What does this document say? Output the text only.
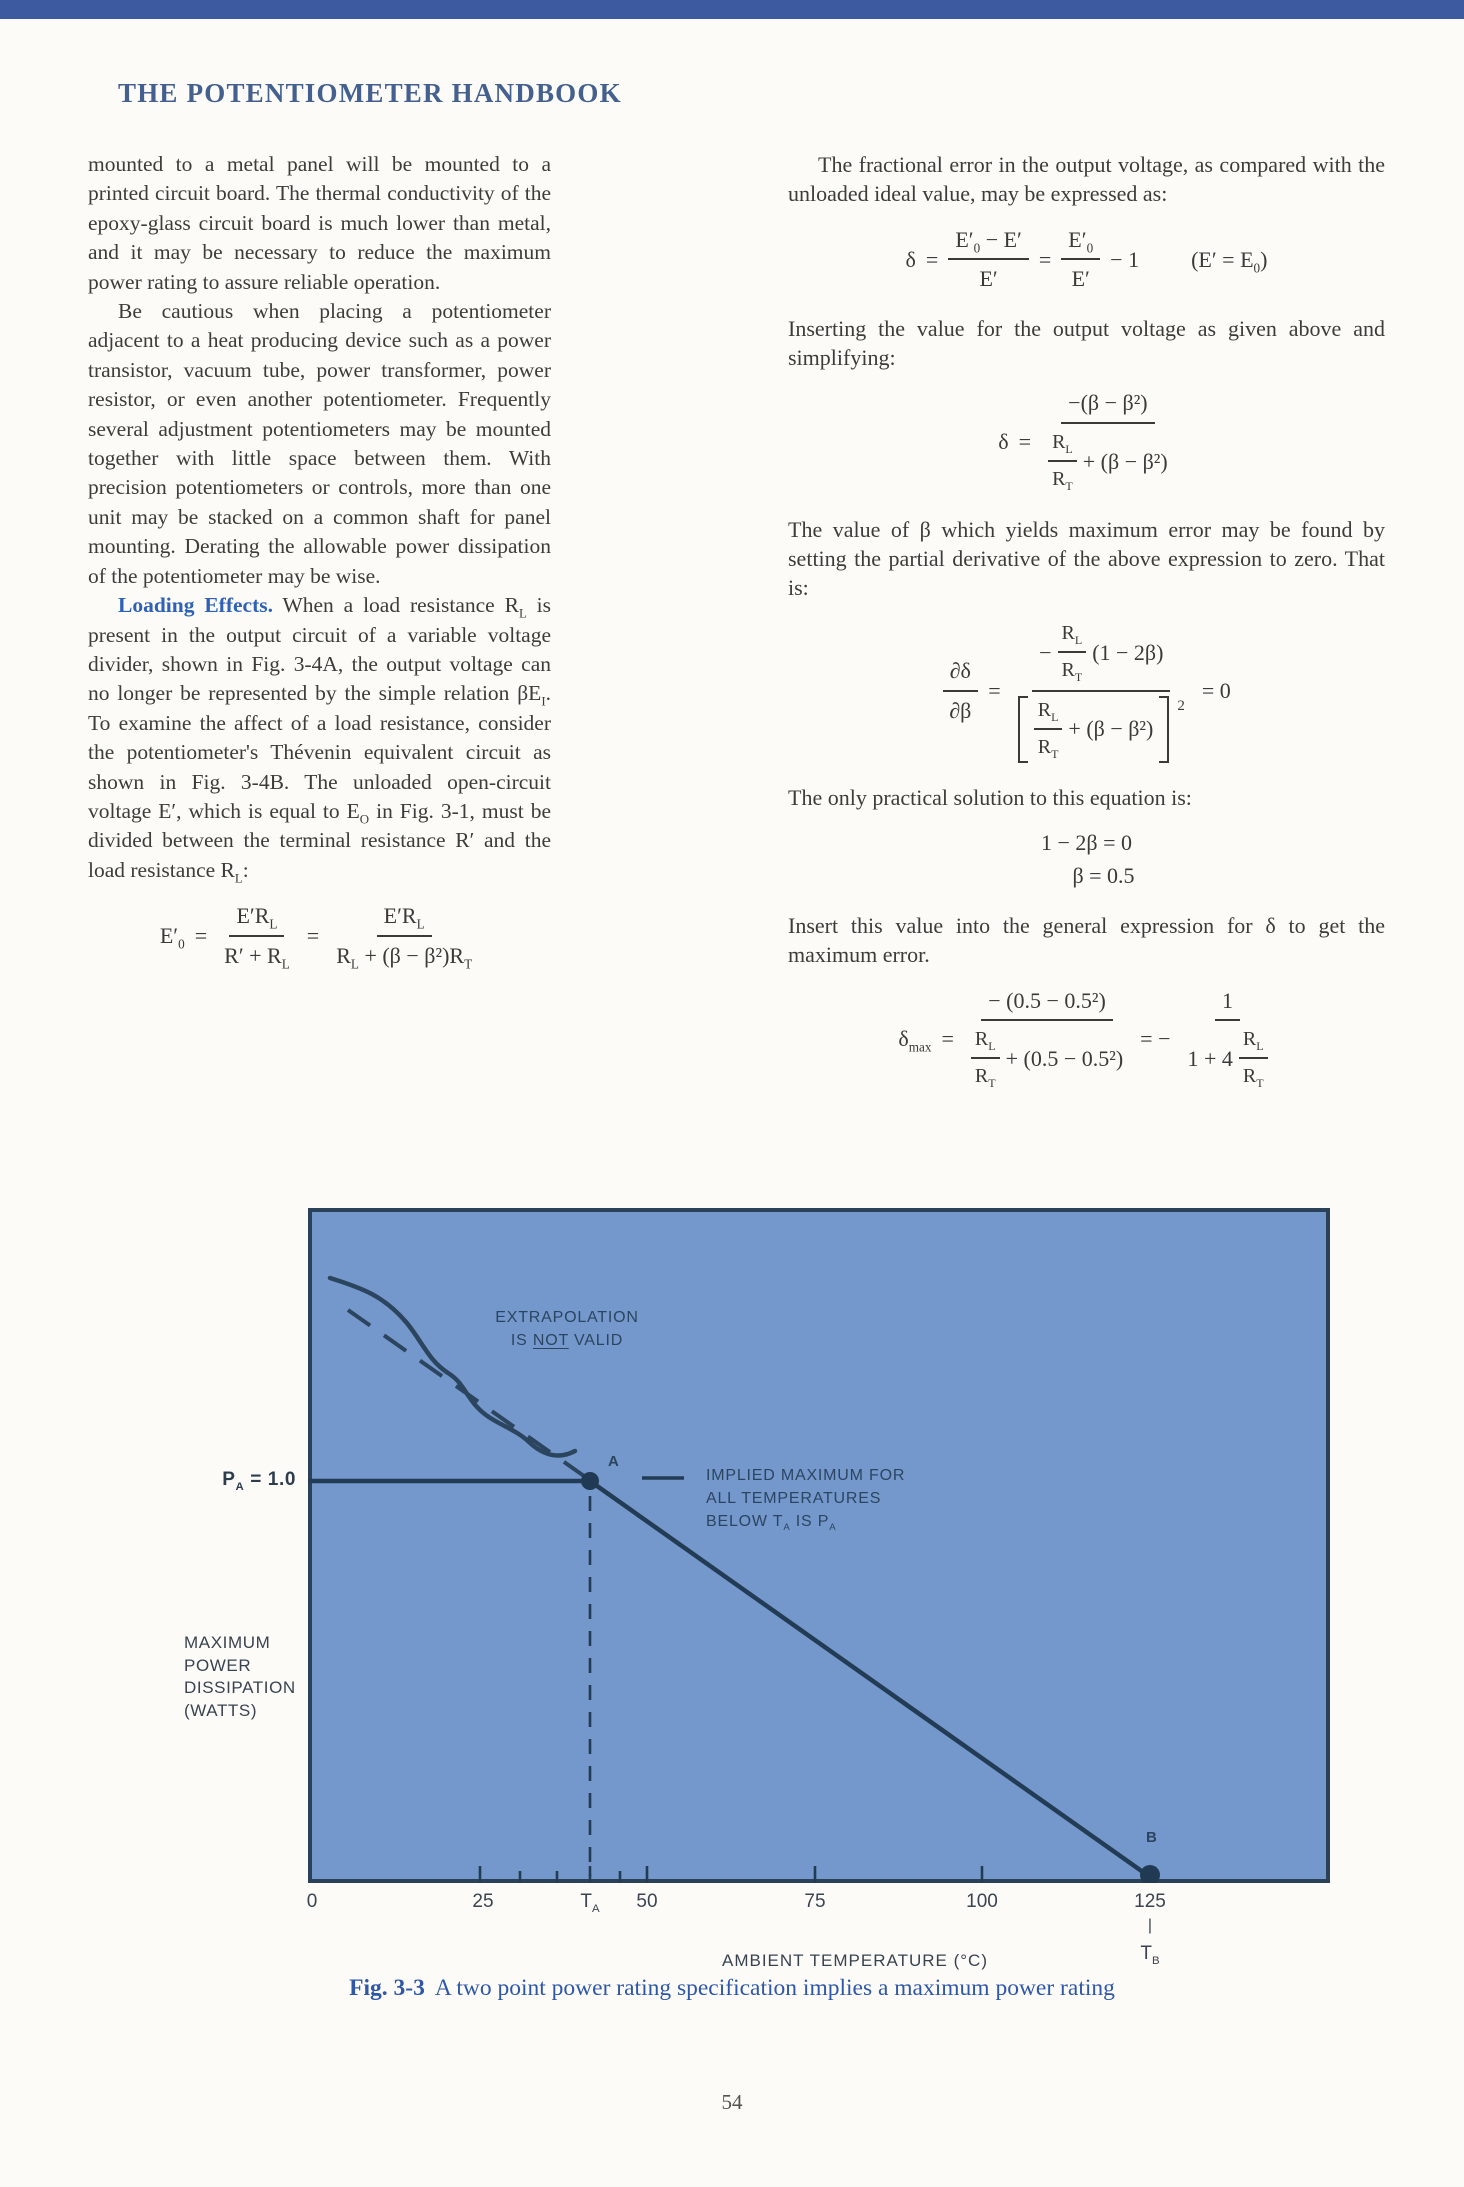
THE POTENTIOMETER HANDBOOK

mounted to a metal panel will be mounted to a printed circuit board. The thermal conductivity of the epoxy-glass circuit board is much lower than metal, and it may be necessary to reduce the maximum power rating to assure reliable operation.

Be cautious when placing a potentiometer adjacent to a heat producing device such as a power transistor, vacuum tube, power transformer, power resistor, or even another potentiometer. Frequently several adjustment potentiometers may be mounted together with little space between them. With precision potentiometers or controls, more than one unit may be stacked on a common shaft for panel mounting. Derating the allowable power dissipation of the potentiometer may be wise.

Loading Effects. When a load resistance $R_L$ is present in the output circuit of a variable voltage divider, shown in Fig. 3-4A, the output voltage can no longer be represented by the simple relation $\beta E_I$. To examine the affect of a load resistance, consider the potentiometer's Thévenin equivalent circuit as shown in Fig. 3-4B. The unloaded open-circuit voltage E′, which is equal to $E_O$ in Fig. 3-1, must be divided between the terminal resistance R′ and the load resistance $R_L$:

$E'_0 = \frac{E'R_L}{R' + R_L} = \frac{E'R_L}{R_L + (\beta - \beta^2)R_T}$

The fractional error in the output voltage, as compared with the unloaded ideal value, may be expressed as:

$\delta = \frac{E'_0 - E'}{E'} = \frac{E'_0}{E'} - 1$ $(E' = E_0)$

Inserting the value for the output voltage as given above and simplifying:

$\delta = \frac{\text{−(β − β²)}}{\frac{R_L}{R_T} + (\beta - \beta^2)}$

The value of β which yields maximum error may be found by setting the partial derivative of the above expression to zero. That is:

$\frac{\partial\delta}{\partial\beta}$ =
− $\frac{R_L}{R_T} (1 - 2\beta)$
$\frac{R_L}{R_T} + (\beta - \beta^2)$
2
= 0

The only practical solution to this equation is:

1 − 2β = 0
β = 0.5

Insert this value into the general expression for δ to get the maximum error.

$\delta_{max} = \frac{\text{− (0.5 − 0.5²)}}{\frac{R_L}{R_T} + (0.5 - 0.5^2)}$ = − $\frac{1}{1 + 4 \frac{R_L}{R_T}}$
EXTRAPOLATION
IS NOT VALID
A
B
IMPLIED MAXIMUM FOR
ALL TEMPERATURES
BELOW $T_A$ IS $P_A$
$P_A = 1.0$
MAXIMUM
POWER
DISSIPATION
(WATTS)
0	25	$T_A$	50	75	100	125
|
$T_B$
AMBIENT TEMPERATURE (°C)
Fig. 3-3 A two point power rating specification implies a maximum power rating
54
